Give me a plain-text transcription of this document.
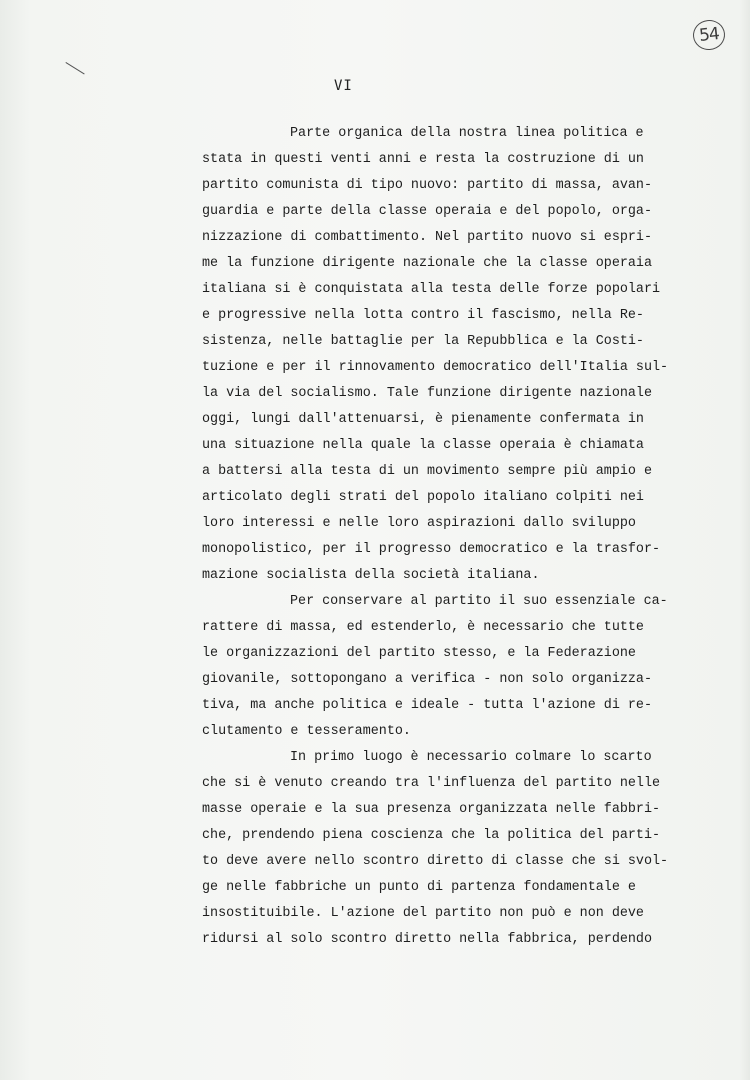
54
VI
Parte organica della nostra linea politica e
stata in questi venti anni e resta la costruzione di un
partito comunista di tipo nuovo: partito di massa, avan-
guardia e parte della classe operaia e del popolo, orga-
nizzazione di combattimento. Nel partito nuovo si espri-
me la funzione dirigente nazionale che la classe operaia
italiana si è conquistata alla testa delle forze popolari
e progressive nella lotta contro il fascismo, nella Re-
sistenza, nelle battaglie per la Repubblica e la Costi-
tuzione e per il rinnovamento democratico dell'Italia sul-
la via del socialismo. Tale funzione dirigente nazionale
oggi, lungi dall'attenuarsi, è pienamente confermata in
una situazione nella quale la classe operaia è chiamata
a battersi alla testa di un movimento sempre più ampio e
articolato degli strati del popolo italiano colpiti nei
loro interessi e nelle loro aspirazioni dallo sviluppo
monopolistico, per il progresso democratico e la trasfor-
mazione socialista della società italiana.
Per conservare al partito il suo essenziale ca-
rattere di massa, ed estenderlo, è necessario che tutte
le organizzazioni del partito stesso, e la Federazione
giovanile, sottopongano a verifica - non solo organizza-
tiva, ma anche politica e ideale - tutta l'azione di re-
clutamento e tesseramento.
In primo luogo è necessario colmare lo scarto
che si è venuto creando tra l'influenza del partito nelle
masse operaie e la sua presenza organizzata nelle fabbri-
che, prendendo piena coscienza che la politica del parti-
to deve avere nello scontro diretto di classe che si svol-
ge nelle fabbriche un punto di partenza fondamentale e
insostituibile. L'azione del partito non può e non deve
ridursi al solo scontro diretto nella fabbrica, perdendo
